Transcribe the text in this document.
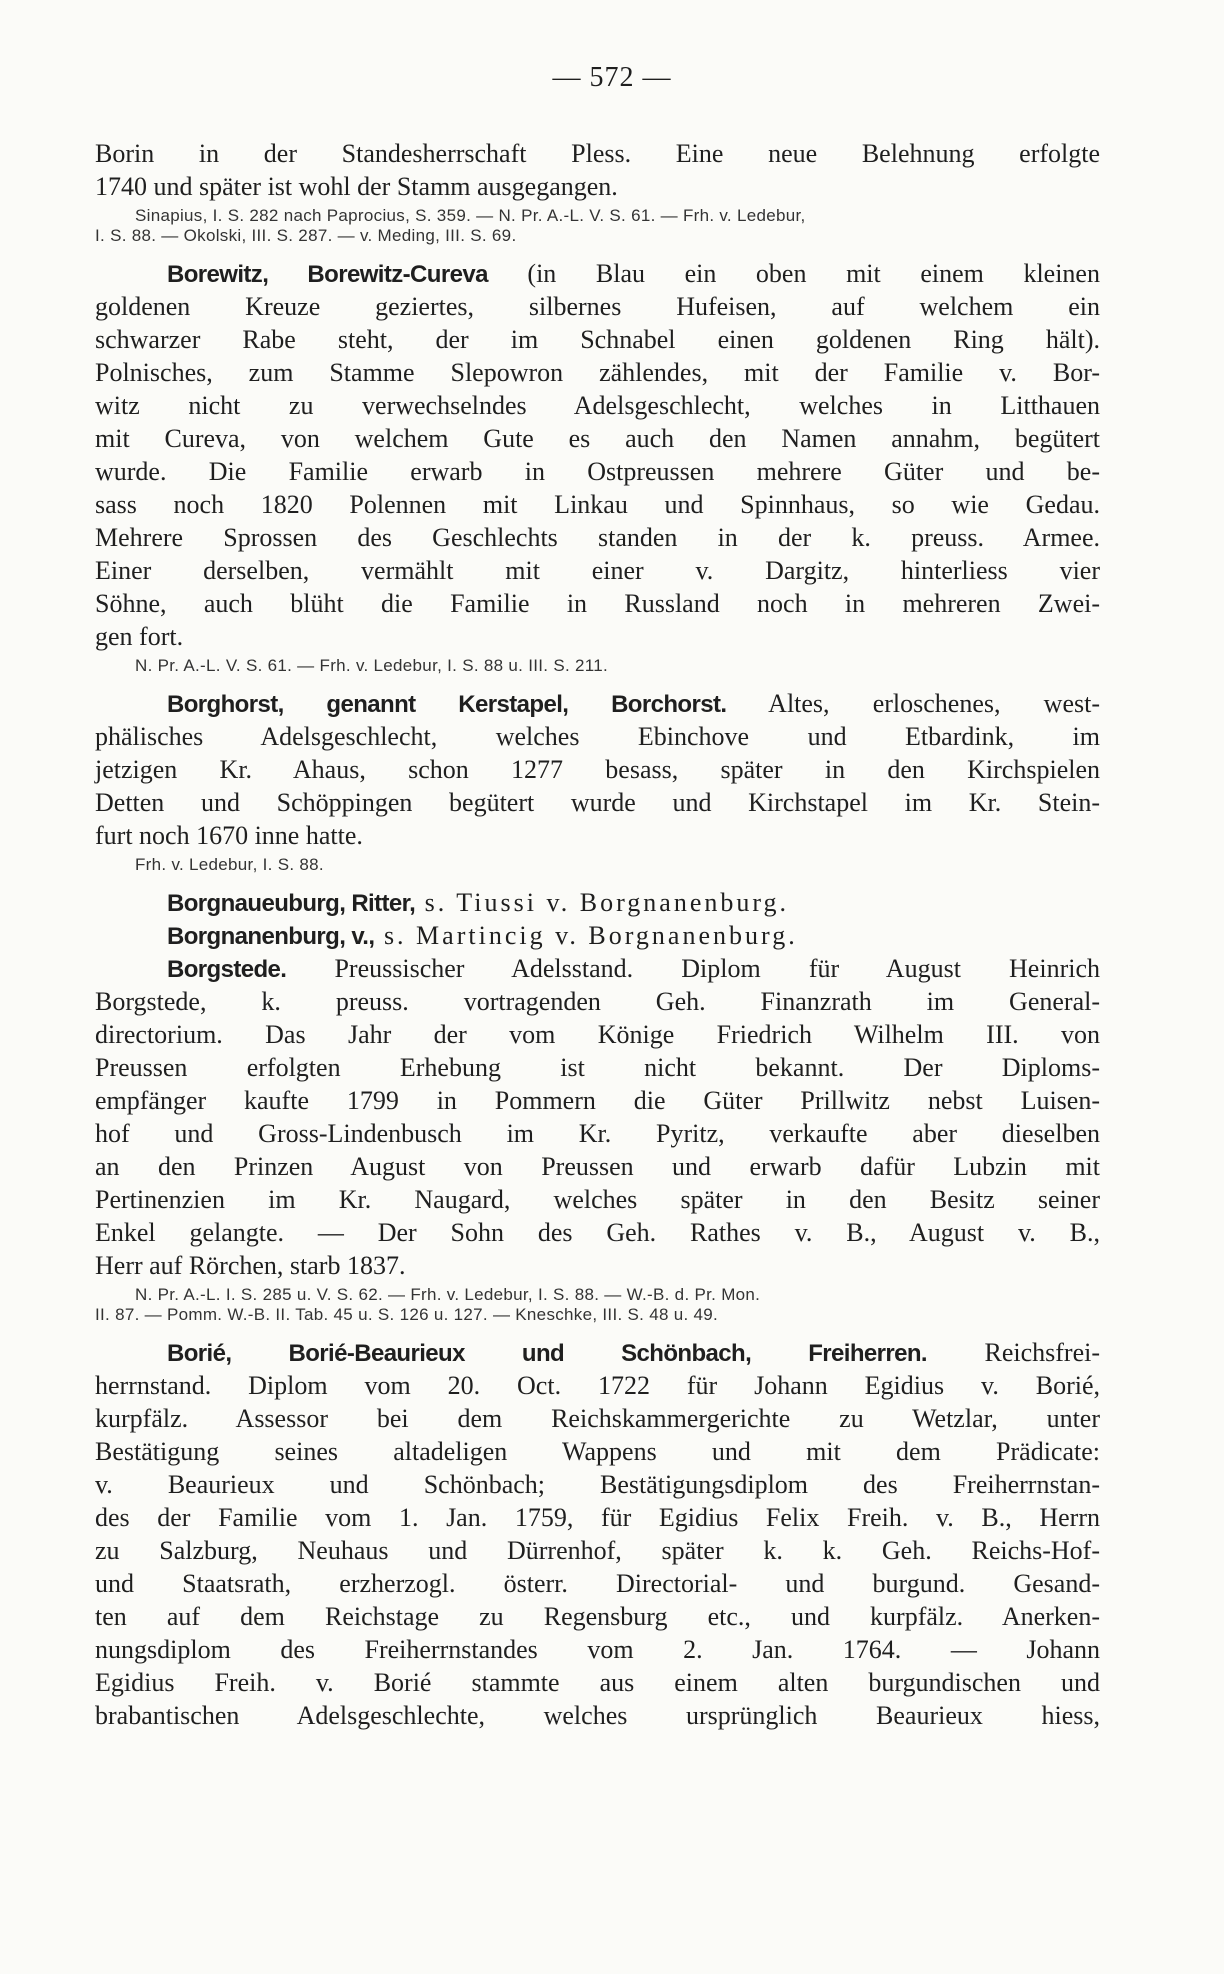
— 572 —
Borin in der Standesherrschaft Pless. Eine neue Belehnung erfolgte
1740 und später ist wohl der Stamm ausgegangen.
Sinapius, I. S. 282 nach Paprocius, S. 359. — N. Pr. A.-L. V. S. 61. — Frh. v. Ledebur,
I. S. 88. — Okolski, III. S. 287. — v. Meding, III. S. 69.
Borewitz, Borewitz-Cureva (in Blau ein oben mit einem kleinen
goldenen Kreuze geziertes, silbernes Hufeisen, auf welchem ein
schwarzer Rabe steht, der im Schnabel einen goldenen Ring hält).
Polnisches, zum Stamme Slepowron zählendes, mit der Familie v. Bor-
witz nicht zu verwechselndes Adelsgeschlecht, welches in Litthauen
mit Cureva, von welchem Gute es auch den Namen annahm, begütert
wurde. Die Familie erwarb in Ostpreussen mehrere Güter und be-
sass noch 1820 Polennen mit Linkau und Spinnhaus, so wie Gedau.
Mehrere Sprossen des Geschlechts standen in der k. preuss. Armee.
Einer derselben, vermählt mit einer v. Dargitz, hinterliess vier
Söhne, auch blüht die Familie in Russland noch in mehreren Zwei-
gen fort.
N. Pr. A.-L. V. S. 61. — Frh. v. Ledebur, I. S. 88 u. III. S. 211.
Borghorst, genannt Kerstapel, Borchorst. Altes, erloschenes, west-
phälisches Adelsgeschlecht, welches Ebinchove und Etbardink, im
jetzigen Kr. Ahaus, schon 1277 besass, später in den Kirchspielen
Detten und Schöppingen begütert wurde und Kirchstapel im Kr. Stein-
furt noch 1670 inne hatte.
Frh. v. Ledebur, I. S. 88.
Borgnaueuburg, Ritter, s. Tiussi v. Borgnanenburg.
Borgnanenburg, v., s. Martincig v. Borgnanenburg.
Borgstede. Preussischer Adelsstand. Diplom für August Heinrich
Borgstede, k. preuss. vortragenden Geh. Finanzrath im General-
directorium. Das Jahr der vom Könige Friedrich Wilhelm III. von
Preussen erfolgten Erhebung ist nicht bekannt. Der Diploms-
empfänger kaufte 1799 in Pommern die Güter Prillwitz nebst Luisen-
hof und Gross-Lindenbusch im Kr. Pyritz, verkaufte aber dieselben
an den Prinzen August von Preussen und erwarb dafür Lubzin mit
Pertinenzien im Kr. Naugard, welches später in den Besitz seiner
Enkel gelangte. — Der Sohn des Geh. Rathes v. B., August v. B.,
Herr auf Rörchen, starb 1837.
N. Pr. A.-L. I. S. 285 u. V. S. 62. — Frh. v. Ledebur, I. S. 88. — W.-B. d. Pr. Mon.
II. 87. — Pomm. W.-B. II. Tab. 45 u. S. 126 u. 127. — Kneschke, III. S. 48 u. 49.
Borié, Borié-Beaurieux und Schönbach, Freiherren. Reichsfrei-
herrnstand. Diplom vom 20. Oct. 1722 für Johann Egidius v. Borié,
kurpfälz. Assessor bei dem Reichskammergerichte zu Wetzlar, unter
Bestätigung seines altadeligen Wappens und mit dem Prädicate:
v. Beaurieux und Schönbach; Bestätigungsdiplom des Freiherrnstan-
des der Familie vom 1. Jan. 1759, für Egidius Felix Freih. v. B., Herrn
zu Salzburg, Neuhaus und Dürrenhof, später k. k. Geh. Reichs-Hof-
und Staatsrath, erzherzogl. österr. Directorial- und burgund. Gesand-
ten auf dem Reichstage zu Regensburg etc., und kurpfälz. Anerken-
nungsdiplom des Freiherrnstandes vom 2. Jan. 1764. — Johann
Egidius Freih. v. Borié stammte aus einem alten burgundischen und
brabantischen Adelsgeschlechte, welches ursprünglich Beaurieux hiess,
